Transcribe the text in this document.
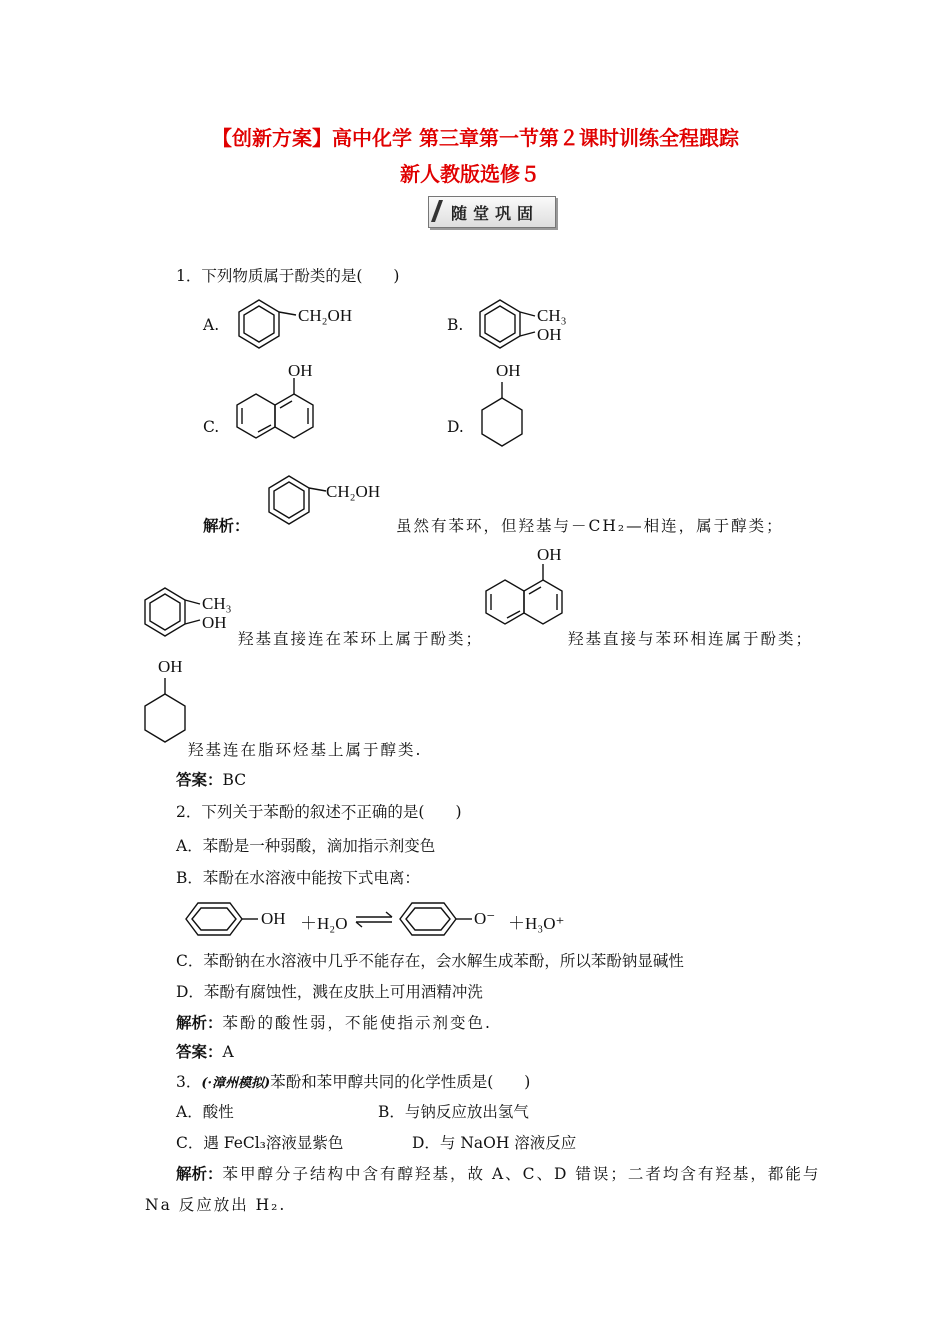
【创新方案】高中化学 第三章第一节第２课时训练全程跟踪
新人教版选修５
随堂巩固
1．下列物质属于酚类的是(　　)
A.	CH₂OH	B.	CH₃
OH
C.
OH
D.
OH
解析：
CH₂OH
虽然有苯环，但羟基与－CH₂—相连，属于醇类；
CH₃
OH
羟基直接连在苯环上属于酚类；
OH
羟基直接与苯环相连属于酚类；
OH
羟基连在脂环烃基上属于醇类.
答案：BC
2．下列关于苯酚的叙述不正确的是(　　)
A．苯酚是一种弱酸，滴加指示剂变色
B．苯酚在水溶液中能按下式电离：
OH ＋H₂O	O⁻ ＋H₃O⁺
C．苯酚钠在水溶液中几乎不能存在，会水解生成苯酚，所以苯酚钠显碱性
D．苯酚有腐蚀性，溅在皮肤上可用酒精冲洗
解析：苯酚的酸性弱，不能使指示剂变色.
答案：A
3．(·漳州模拟)苯酚和苯甲醇共同的化学性质是(　　)
A．酸性	B．与钠反应放出氢气
C．遇 FeCl₃溶液显紫色	D．与 NaOH 溶液反应
解析：苯甲醇分子结构中含有醇羟基，故 A、C、D 错误；二者均含有羟基，都能与
Na 反应放出 H₂.
